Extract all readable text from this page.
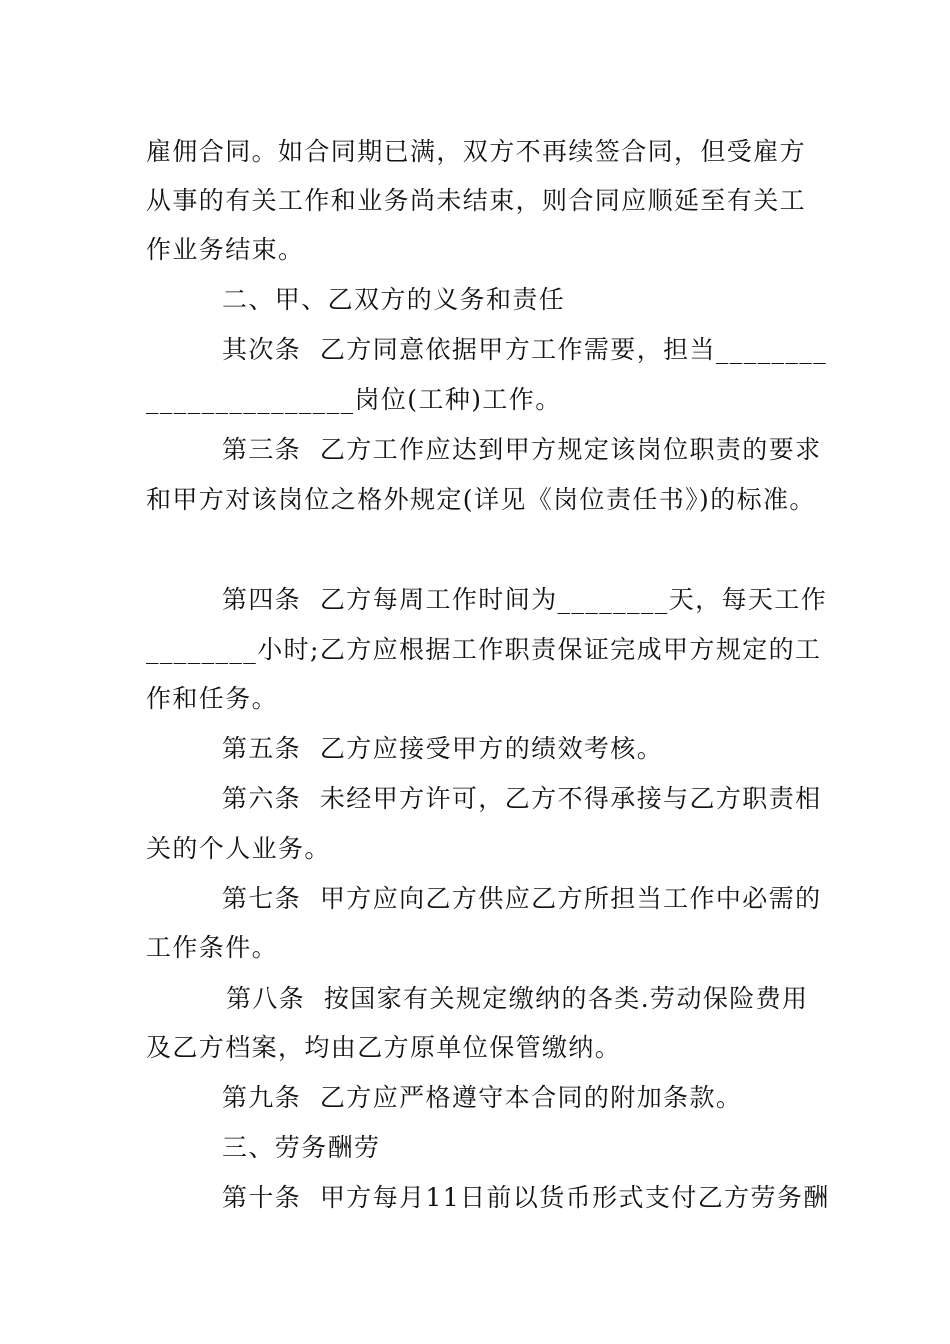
雇佣合同。如合同期已满，双方不再续签合同，但受雇方
从事的有关工作和业务尚未结束，则合同应顺延至有关工
作业务结束。
二、甲、乙双方的义务和责任
其次条  乙方同意依据甲方工作需要，担当________
_______________岗位(工种)工作。
第三条  乙方工作应达到甲方规定该岗位职责的要求
和甲方对该岗位之格外规定(详见《岗位责任书》)的标准。
第四条  乙方每周工作时间为________天，每天工作
________小时;乙方应根据工作职责保证完成甲方规定的工
作和任务。
第五条  乙方应接受甲方的绩效考核。
第六条  未经甲方许可，乙方不得承接与乙方职责相
关的个人业务。
第七条  甲方应向乙方供应乙方所担当工作中必需的
工作条件。
第八条  按国家有关规定缴纳的各类.劳动保险费用
及乙方档案，均由乙方原单位保管缴纳。
第九条  乙方应严格遵守本合同的附加条款。
三、劳务酬劳
第十条  甲方每月11日前以货币形式支付乙方劳务酬
